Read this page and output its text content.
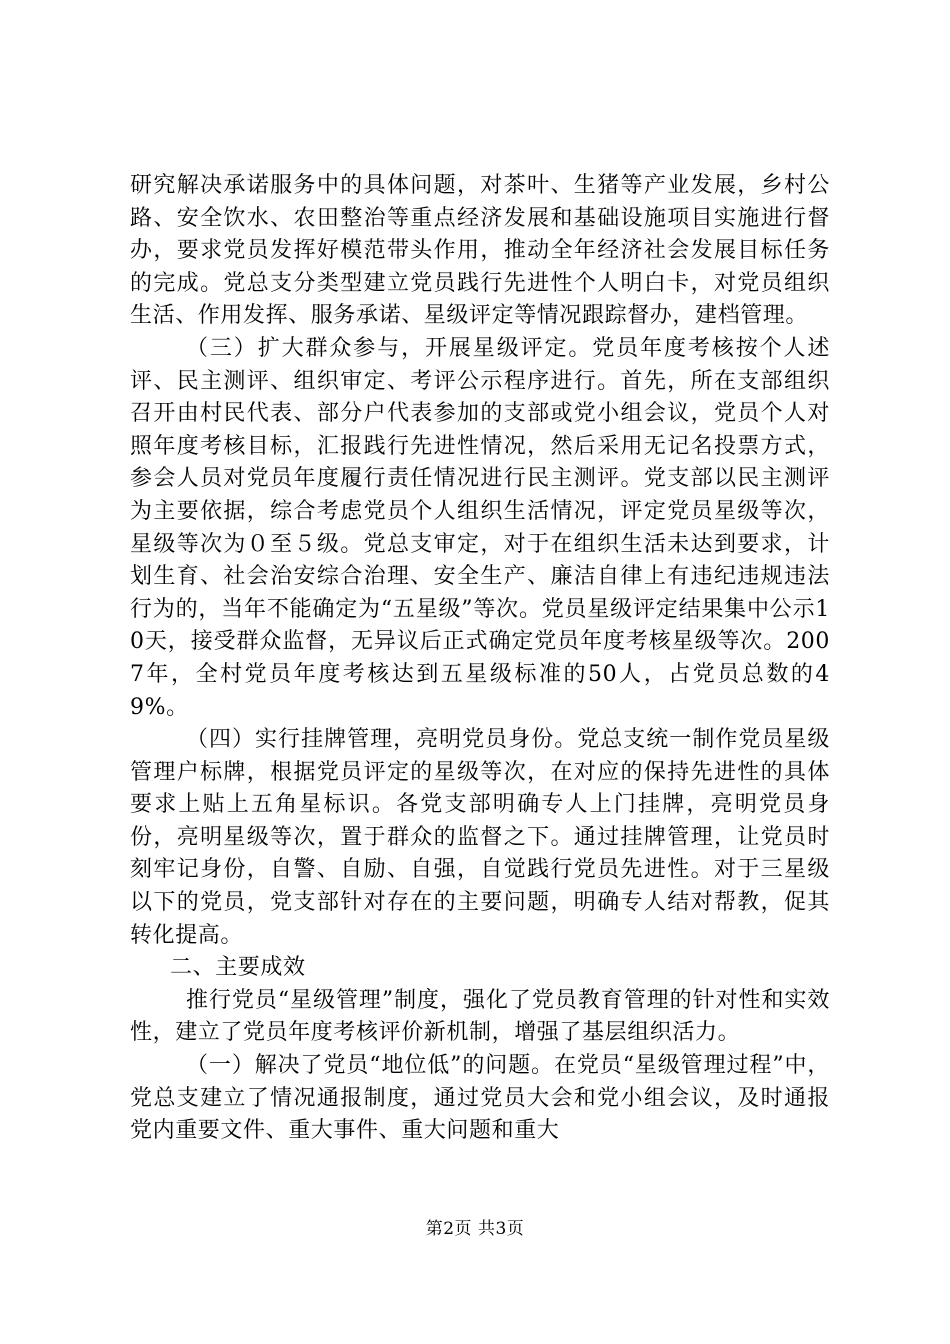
研究解决承诺服务中的具体问题，对茶叶、生猪等产业发展，乡村公路、安全饮水、农田整治等重点经济发展和基础设施项目实施进行督办，要求党员发挥好模范带头作用，推动全年经济社会发展目标任务的完成。党总支分类型建立党员践行先进性个人明白卡，对党员组织生活、作用发挥、服务承诺、星级评定等情况跟踪督办，建档管理。

（三）扩大群众参与，开展星级评定。党员年度考核按个人述评、民主测评、组织审定、考评公示程序进行。首先，所在支部组织召开由村民代表、部分户代表参加的支部或党小组会议，党员个人对照年度考核目标，汇报践行先进性情况，然后采用无记名投票方式，参会人员对党员年度履行责任情况进行民主测评。党支部以民主测评为主要依据，综合考虑党员个人组织生活情况，评定党员星级等次，星级等次为０至５级。党总支审定，对于在组织生活未达到要求，计划生育、社会治安综合治理、安全生产、廉洁自律上有违纪违规违法行为的，当年不能确定为“五星级”等次。党员星级评定结果集中公示10天，接受群众监督，无异议后正式确定党员年度考核星级等次。2007年，全村党员年度考核达到五星级标准的50人，占党员总数的49%。

（四）实行挂牌管理，亮明党员身份。党总支统一制作党员星级管理户标牌，根据党员评定的星级等次，在对应的保持先进性的具体要求上贴上五角星标识。各党支部明确专人上门挂牌，亮明党员身份，亮明星级等次，置于群众的监督之下。通过挂牌管理，让党员时刻牢记身份，自警、自励、自强，自觉践行党员先进性。对于三星级以下的党员，党支部针对存在的主要问题，明确专人结对帮教，促其转化提高。

二、主要成效

推行党员“星级管理”制度，强化了党员教育管理的针对性和实效性，建立了党员年度考核评价新机制，增强了基层组织活力。

（一）解决了党员“地位低”的问题。在党员“星级管理过程”中，党总支建立了情况通报制度，通过党员大会和党小组会议，及时通报党内重要文件、重大事件、重大问题和重大

第2页 共3页
